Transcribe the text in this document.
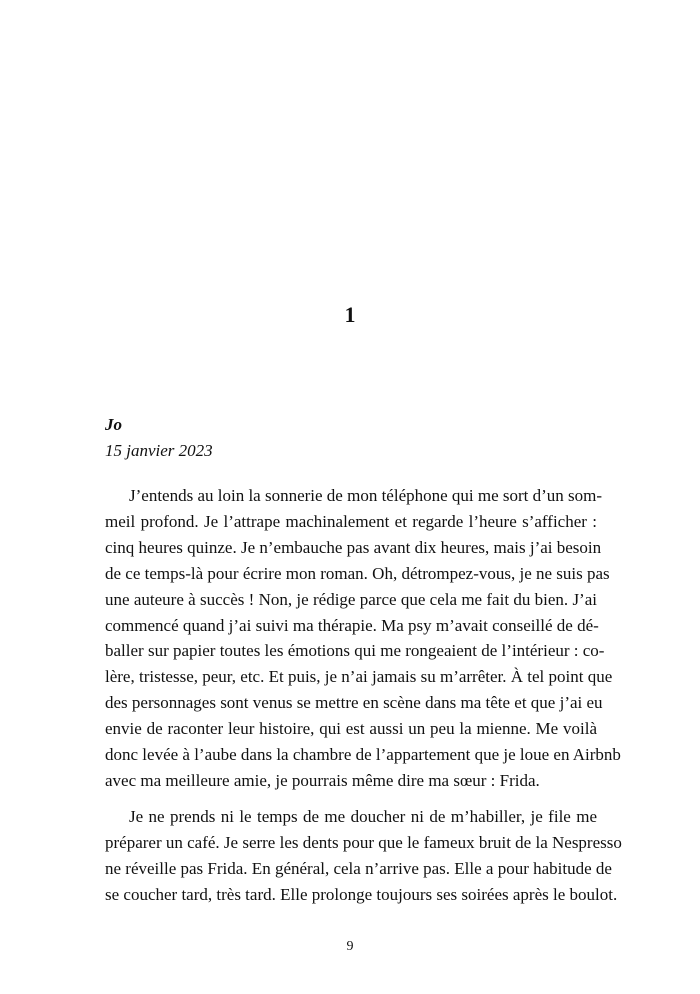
1
Jo
15 janvier 2023
J’entends au loin la sonnerie de mon téléphone qui me sort d’un som-
meil profond. Je l’attrape machinalement et regarde l’heure s’afficher :
cinq heures quinze. Je n’embauche pas avant dix heures, mais j’ai besoin
de ce temps-là pour écrire mon roman. Oh, détrompez-vous, je ne suis pas
une auteure à succès ! Non, je rédige parce que cela me fait du bien. J’ai
commencé quand j’ai suivi ma thérapie. Ma psy m’avait conseillé de dé-
baller sur papier toutes les émotions qui me rongeaient de l’intérieur : co-
lère, tristesse, peur, etc. Et puis, je n’ai jamais su m’arrêter. À tel point que
des personnages sont venus se mettre en scène dans ma tête et que j’ai eu
envie de raconter leur histoire, qui est aussi un peu la mienne. Me voilà
donc levée à l’aube dans la chambre de l’appartement que je loue en Airbnb
avec ma meilleure amie, je pourrais même dire ma sœur : Frida.
Je ne prends ni le temps de me doucher ni de m’habiller, je file me
préparer un café. Je serre les dents pour que le fameux bruit de la Nespresso
ne réveille pas Frida. En général, cela n’arrive pas. Elle a pour habitude de
se coucher tard, très tard. Elle prolonge toujours ses soirées après le boulot.
9
